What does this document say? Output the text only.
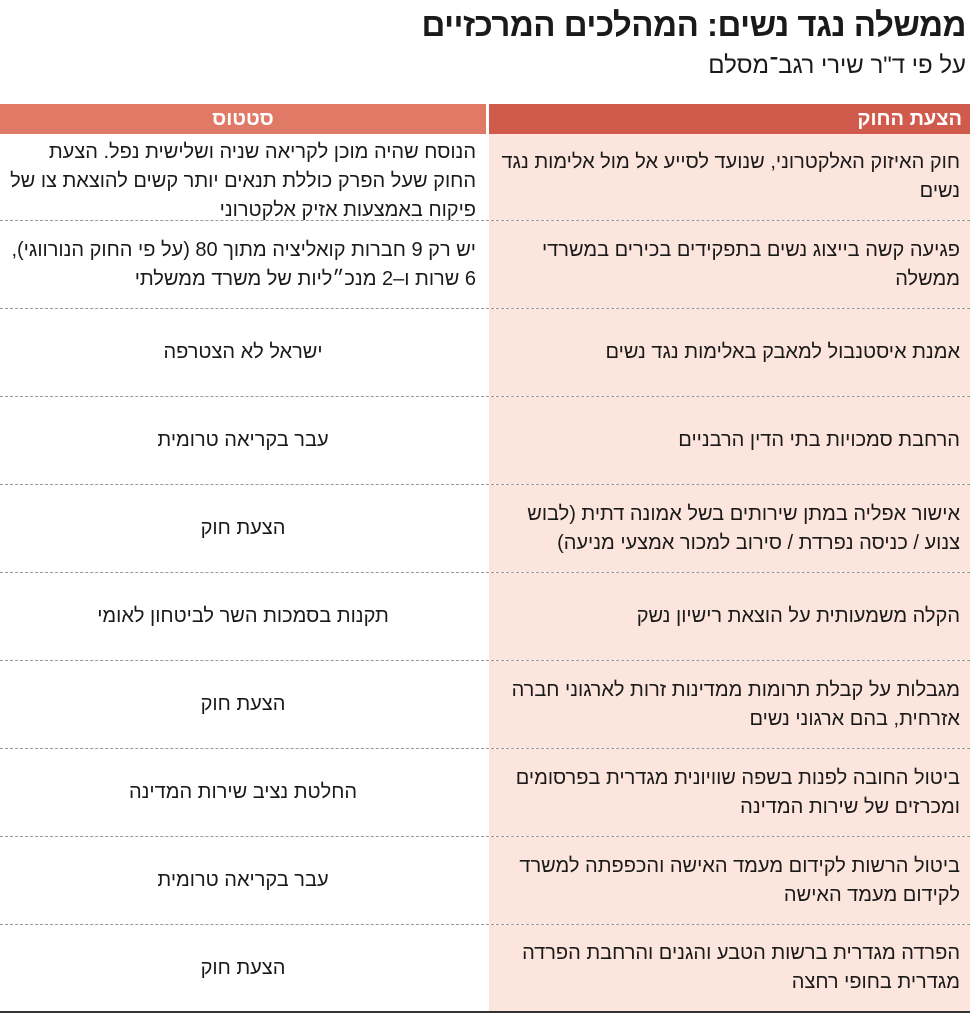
ממשלה נגד נשים: המהלכים המרכזיים
על פי ד"ר שירי רגב־מסלם
הצעת החוק
סטטוס
חוק האיזוק האלקטרוני, שנועד לסייע אל מול אלימות נגד נשים
הנוסח שהיה מוכן לקריאה שניה ושלישית נפל. הצעת החוק שעל הפרק כוללת תנאים יותר קשים להוצאת צו של פיקוח באמצעות אזיק אלקטרוני
פגיעה קשה בייצוג נשים בתפקידים בכירים במשרדי ממשלה
יש רק 9 חברות קואליציה מתוך 80 (על פי החוק הנורווגי), 6 שרות ו–2 מנכ״ליות של משרד ממשלתי
אמנת איסטנבול למאבק באלימות נגד נשים
ישראל לא הצטרפה
הרחבת סמכויות בתי הדין הרבניים
עבר בקריאה טרומית
אישור אפליה במתן שירותים בשל אמונה דתית (לבוש צנוע / כניסה נפרדת / סירוב למכור אמצעי מניעה)
הצעת חוק
הקלה משמעותית על הוצאת רישיון נשק
תקנות בסמכות השר לביטחון לאומי
מגבלות על קבלת תרומות ממדינות זרות לארגוני חברה אזרחית, בהם ארגוני נשים
הצעת חוק
ביטול החובה לפנות בשפה שוויונית מגדרית בפרסומים ומכרזים של שירות המדינה
החלטת נציב שירות המדינה
ביטול הרשות לקידום מעמד האישה והכפפתה למשרד לקידום מעמד האישה
עבר בקריאה טרומית
הפרדה מגדרית ברשות הטבע והגנים והרחבת הפרדה מגדרית בחופי רחצה
הצעת חוק
